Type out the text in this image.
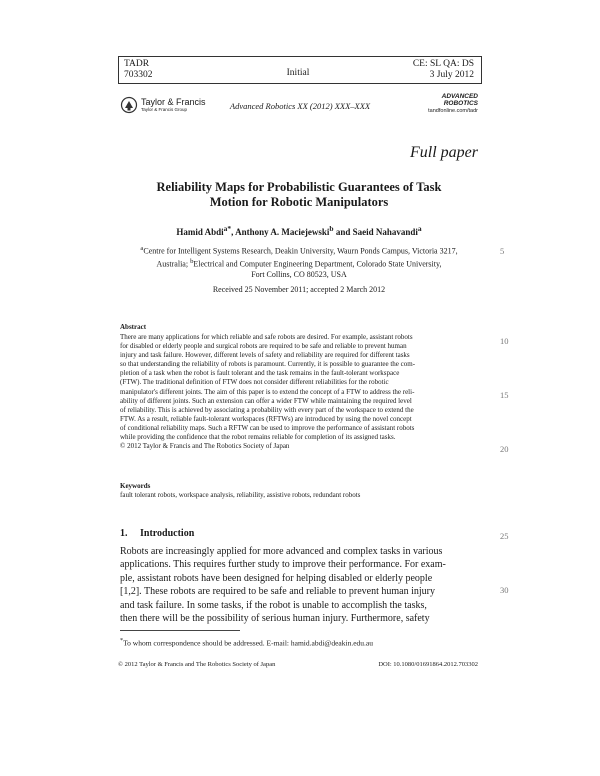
TADR
703302	Initial
CE: SL QA: DS
3 July 2012
Taylor & Francis
Taylor & Francis Group	Advanced Robotics XX (2012) XXX–XXX
ADVANCED
ROBOTICS
tandfonline.com/tadr
Full paper
Reliability Maps for Probabilistic Guarantees of Task
Motion for Robotic Manipulators
Hamid Abdi$^{a*}$, Anthony A. Maciejewski$^b$ and Saeid Nahavandi$^a$
$^a$Centre for Intelligent Systems Research, Deakin University, Waurn Ponds Campus, Victoria 3217,
Australia; $^b$Electrical and Computer Engineering Department, Colorado State University,
Fort Collins, CO 80523, USA
Received 25 November 2011; accepted 2 March 2012
5
10
15
20
25
30
Abstract
There are many applications for which reliable and safe robots are desired. For example, assistant robots
for disabled or elderly people and surgical robots are required to be safe and reliable to prevent human
injury and task failure. However, different levels of safety and reliability are required for different tasks
so that understanding the reliability of robots is paramount. Currently, it is possible to guarantee the com-
pletion of a task when the robot is fault tolerant and the task remains in the fault-tolerant workspace
(FTW). The traditional definition of FTW does not consider different reliabilities for the robotic
manipulator's different joints. The aim of this paper is to extend the concept of a FTW to address the reli-
ability of different joints. Such an extension can offer a wider FTW while maintaining the required level
of reliability. This is achieved by associating a probability with every part of the workspace to extend the
FTW. As a result, reliable fault-tolerant workspaces (RFTWs) are introduced by using the novel concept
of conditional reliability maps. Such a RFTW can be used to improve the performance of assistant robots
while providing the confidence that the robot remains reliable for completion of its assigned tasks.
© 2012 Taylor & Francis and The Robotics Society of Japan
Keywords
fault tolerant robots, workspace analysis, reliability, assistive robots, redundant robots
1. Introduction
Robots are increasingly applied for more advanced and complex tasks in various
applications. This requires further study to improve their performance. For exam-
ple, assistant robots have been designed for helping disabled or elderly people
[1,2]. These robots are required to be safe and reliable to prevent human injury
and task failure. In some tasks, if the robot is unable to accomplish the tasks,
then there will be the possibility of serious human injury. Furthermore, safety
*To whom correspondence should be addressed. E-mail: hamid.abdi@deakin.edu.au
© 2012 Taylor & Francis and The Robotics Society of Japan	DOI: 10.1080/01691864.2012.703302
